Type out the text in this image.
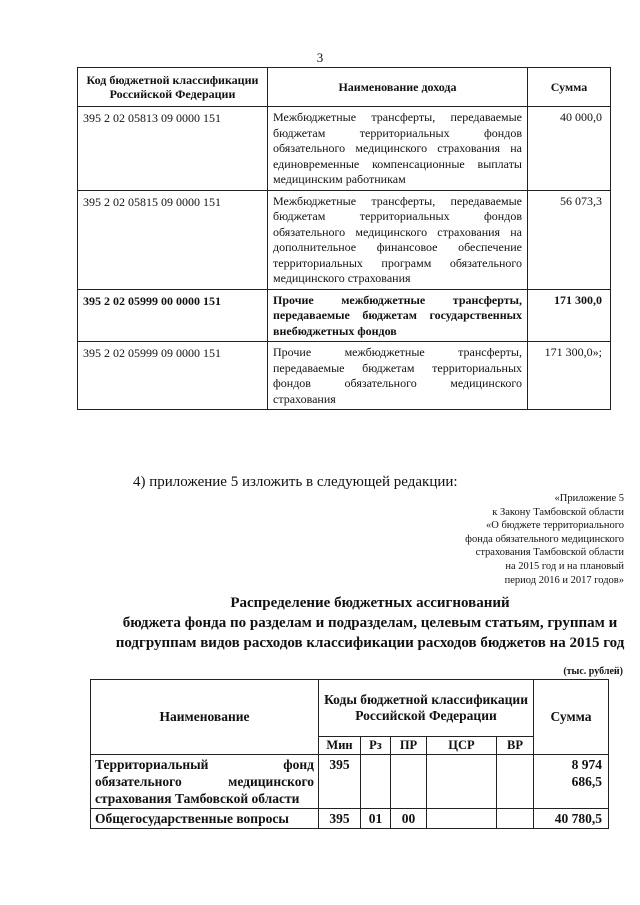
3
Код бюджетной классификации Российской Федерации	Наименование дохода	Сумма
395 2 02 05813 09 0000 151	Межбюджетные трансферты, передаваемые бюджетам территориальных фондов обязательного медицинского страхования на единовременные компенсационные выплаты медицинским работникам	40 000,0
395 2 02 05815 09 0000 151	Межбюджетные трансферты, передаваемые бюджетам территориальных фондов обязательного медицинского страхования на дополнительное финансовое обеспечение территориальных программ обязательного медицинского страхования	56 073,3
395 2 02 05999 00 0000 151	Прочие межбюджетные трансферты, передаваемые бюджетам государственных внебюджетных фондов	171 300,0
395 2 02 05999 09 0000 151	Прочие межбюджетные трансферты, передаваемые бюджетам территориальных фондов обязательного медицинского страхования	171 300,0»;
4) приложение 5 изложить в следующей редакции:
«Приложение 5
к Закону Тамбовской области
«О бюджете территориального
фонда обязательного медицинского
страхования Тамбовской области
на 2015 год и на плановый
период 2016 и 2017 годов»
Распределение бюджетных ассигнований
бюджета фонда по разделам и подразделам, целевым статьям, группам и
подгруппам видов расходов классификации расходов бюджетов на 2015 год
(тыс. рублей)
Наименование	Коды бюджетной классификации Российской Федерации					Сумма
	Мин	Рз	ПР	ЦСР	ВР	
Территориальный фонд обязательного медицинского страхования Тамбовской области	395					8 974 686,5
Общегосударственные вопросы	395	01	00			40 780,5
